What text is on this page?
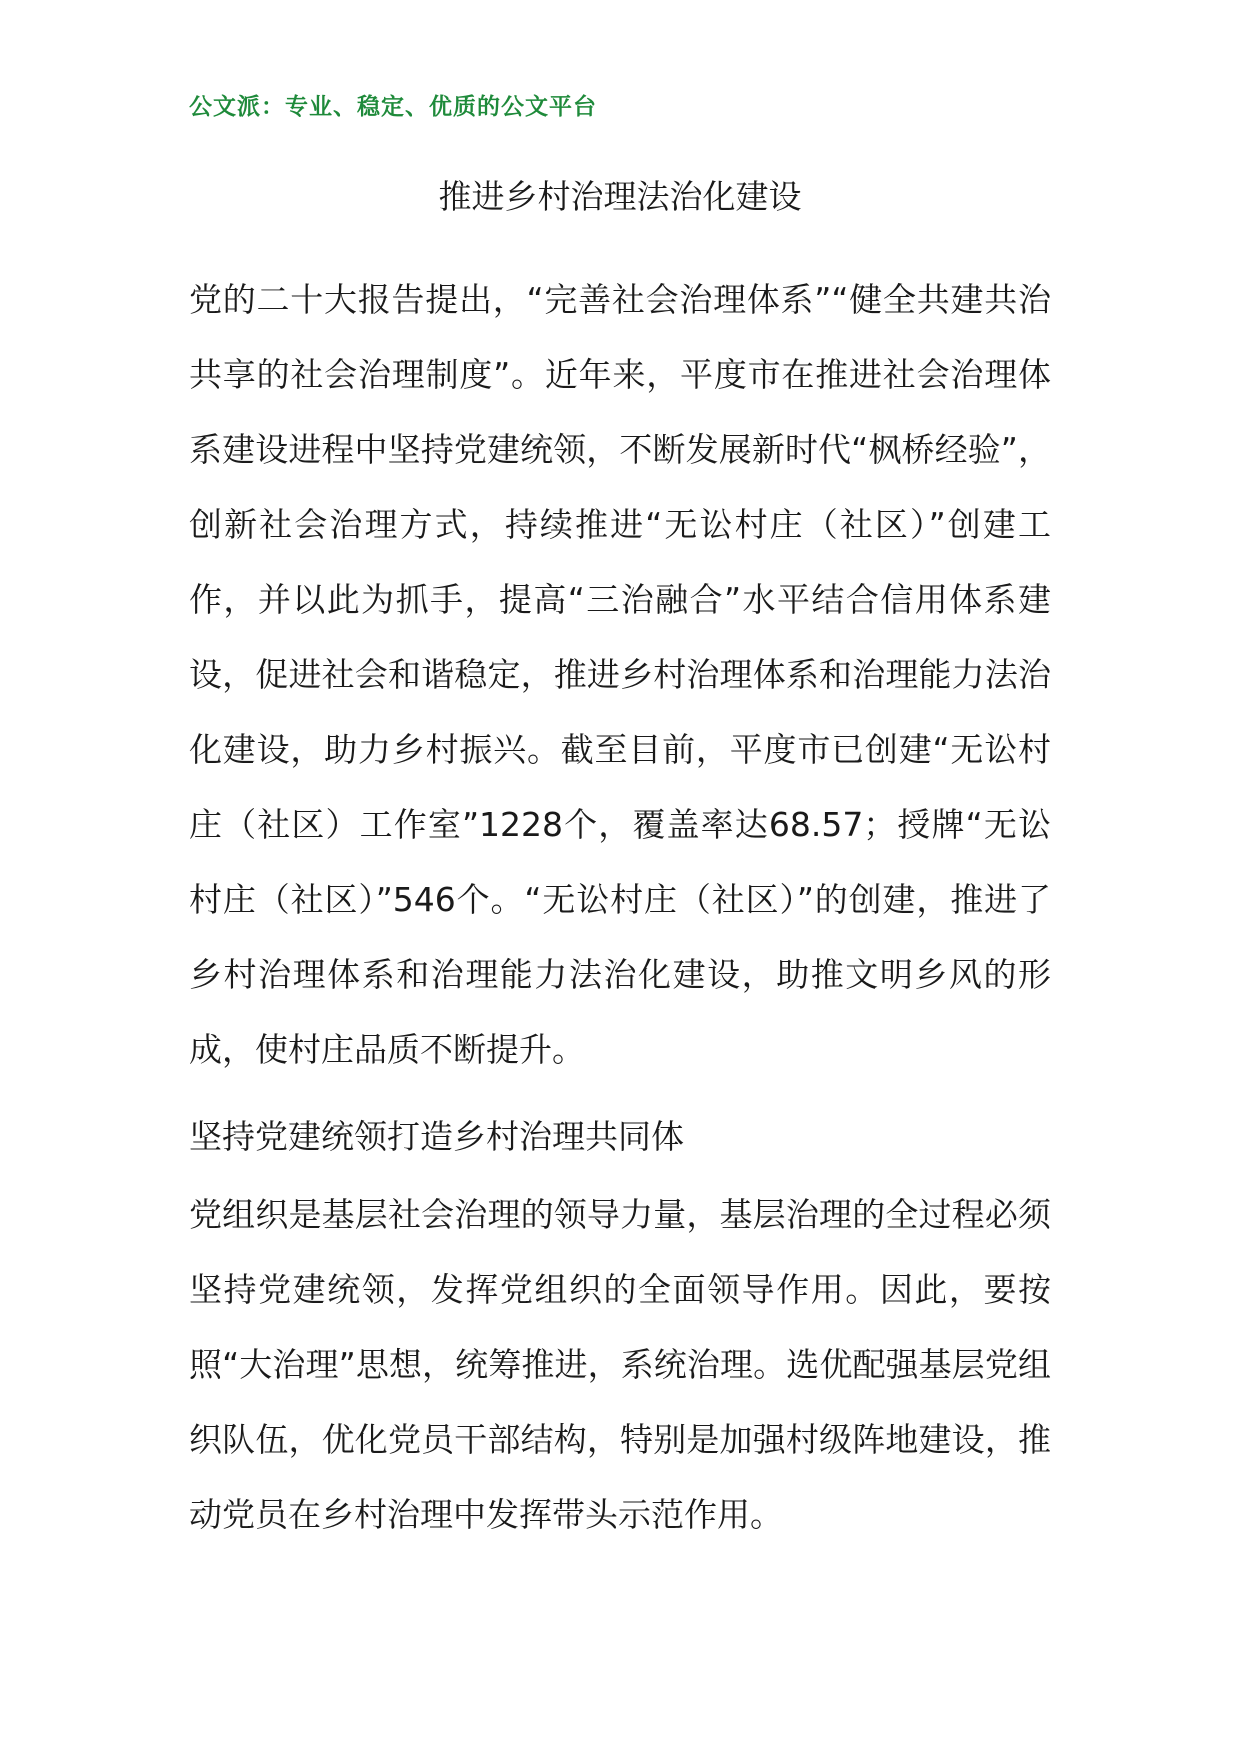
公文派：专业、稳定、优质的公文平台
推进乡村治理法治化建设

党的二十大报告提出，“完善社会治理体系”“健全共建共治共享的社会治理制度”。近年来，平度市在推进社会治理体系建设进程中坚持党建统领，不断发展新时代“枫桥经验”，创新社会治理方式，持续推进“无讼村庄（社区）”创建工作，并以此为抓手，提高“三治融合”水平结合信用体系建设，促进社会和谐稳定，推进乡村治理体系和治理能力法治化建设，助力乡村振兴。截至目前，平度市已创建“无讼村庄（社区）工作室”1228个，覆盖率达68.57；授牌“无讼村庄（社区）”546个。“无讼村庄（社区）”的创建，推进了乡村治理体系和治理能力法治化建设，助推文明乡风的形成，使村庄品质不断提升。

坚持党建统领打造乡村治理共同体

党组织是基层社会治理的领导力量，基层治理的全过程必须坚持党建统领，发挥党组织的全面领导作用。因此，要按照“大治理”思想，统筹推进，系统治理。选优配强基层党组织队伍，优化党员干部结构，特别是加强村级阵地建设，推动党员在乡村治理中发挥带头示范作用。
